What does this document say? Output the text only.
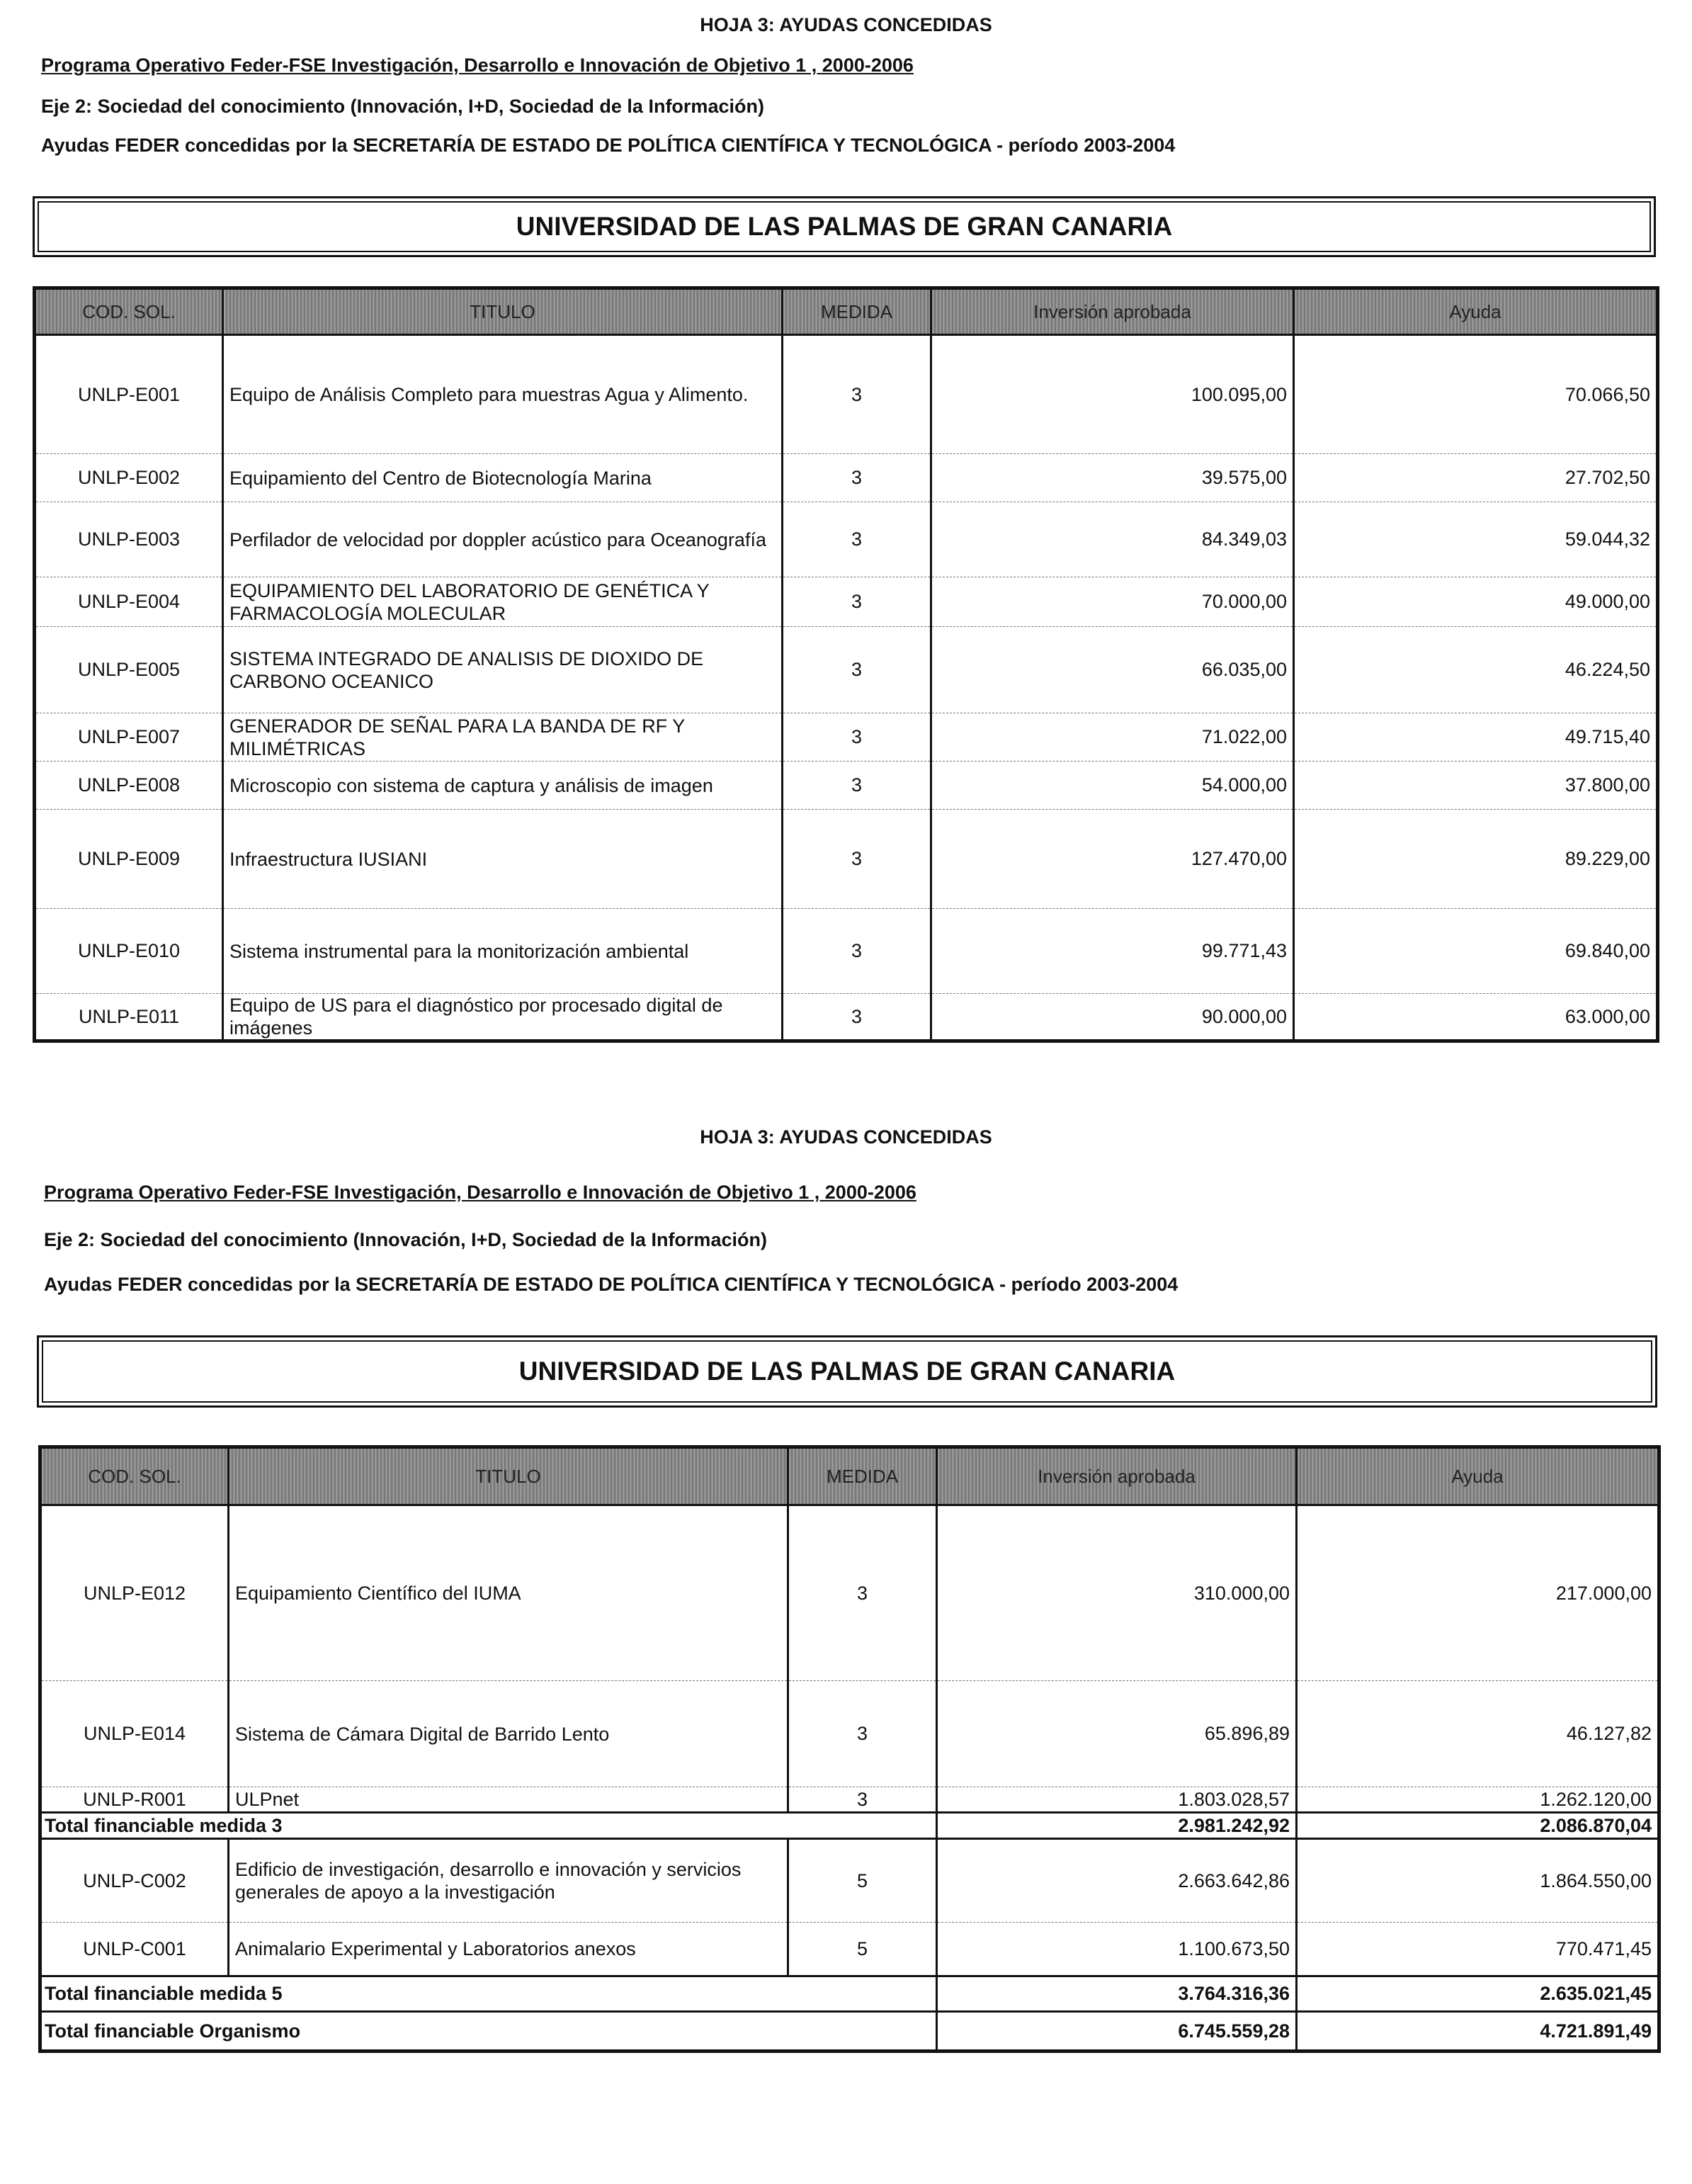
HOJA 3: AYUDAS CONCEDIDAS
Programa Operativo Feder-FSE Investigación, Desarrollo e Innovación de Objetivo 1 , 2000-2006
Eje 2: Sociedad del conocimiento (Innovación, I+D, Sociedad de la Información)
Ayudas FEDER concedidas por la SECRETARÍA DE ESTADO DE POLÍTICA CIENTÍFICA Y TECNOLÓGICA - período 2003-2004
UNIVERSIDAD DE LAS PALMAS DE GRAN CANARIA
COD. SOL.	TITULO	MEDIDA	Inversión aprobada	Ayuda
UNLP-E001	Equipo de Análisis Completo para muestras Agua y Alimento.	3	100.095,00	70.066,50
UNLP-E002	Equipamiento del Centro de Biotecnología Marina	3	39.575,00	27.702,50
UNLP-E003	Perfilador de velocidad por doppler acústico para Oceanografía	3	84.349,03	59.044,32
UNLP-E004	EQUIPAMIENTO DEL LABORATORIO DE GENÉTICA Y FARMACOLOGÍA MOLECULAR	3	70.000,00	49.000,00
UNLP-E005	SISTEMA INTEGRADO DE ANALISIS DE DIOXIDO DE CARBONO OCEANICO	3	66.035,00	46.224,50
UNLP-E007	GENERADOR DE SEÑAL PARA LA BANDA DE RF Y MILIMÉTRICAS	3	71.022,00	49.715,40
UNLP-E008	Microscopio con sistema de captura y análisis de imagen	3	54.000,00	37.800,00
UNLP-E009	Infraestructura IUSIANI	3	127.470,00	89.229,00
UNLP-E010	Sistema instrumental para la monitorización ambiental	3	99.771,43	69.840,00
UNLP-E011	Equipo de US para el diagnóstico por procesado digital de imágenes	3	90.000,00	63.000,00
HOJA 3: AYUDAS CONCEDIDAS
Programa Operativo Feder-FSE Investigación, Desarrollo e Innovación de Objetivo 1 , 2000-2006
Eje 2: Sociedad del conocimiento (Innovación, I+D, Sociedad de la Información)
Ayudas FEDER concedidas por la SECRETARÍA DE ESTADO DE POLÍTICA CIENTÍFICA Y TECNOLÓGICA - período 2003-2004
UNIVERSIDAD DE LAS PALMAS DE GRAN CANARIA
COD. SOL.	TITULO	MEDIDA	Inversión aprobada	Ayuda
UNLP-E012	Equipamiento Científico del IUMA	3	310.000,00	217.000,00
UNLP-E014	Sistema de Cámara Digital de Barrido Lento	3	65.896,89	46.127,82
UNLP-R001	ULPnet	3	1.803.028,57	1.262.120,00
Total financiable medida 3			2.981.242,92	2.086.870,04
UNLP-C002	Edificio de investigación, desarrollo e innovación y servicios generales de apoyo a la investigación	5	2.663.642,86	1.864.550,00
UNLP-C001	Animalario Experimental y Laboratorios anexos	5	1.100.673,50	770.471,45
Total financiable medida 5			3.764.316,36	2.635.021,45
Total financiable Organismo			6.745.559,28	4.721.891,49
